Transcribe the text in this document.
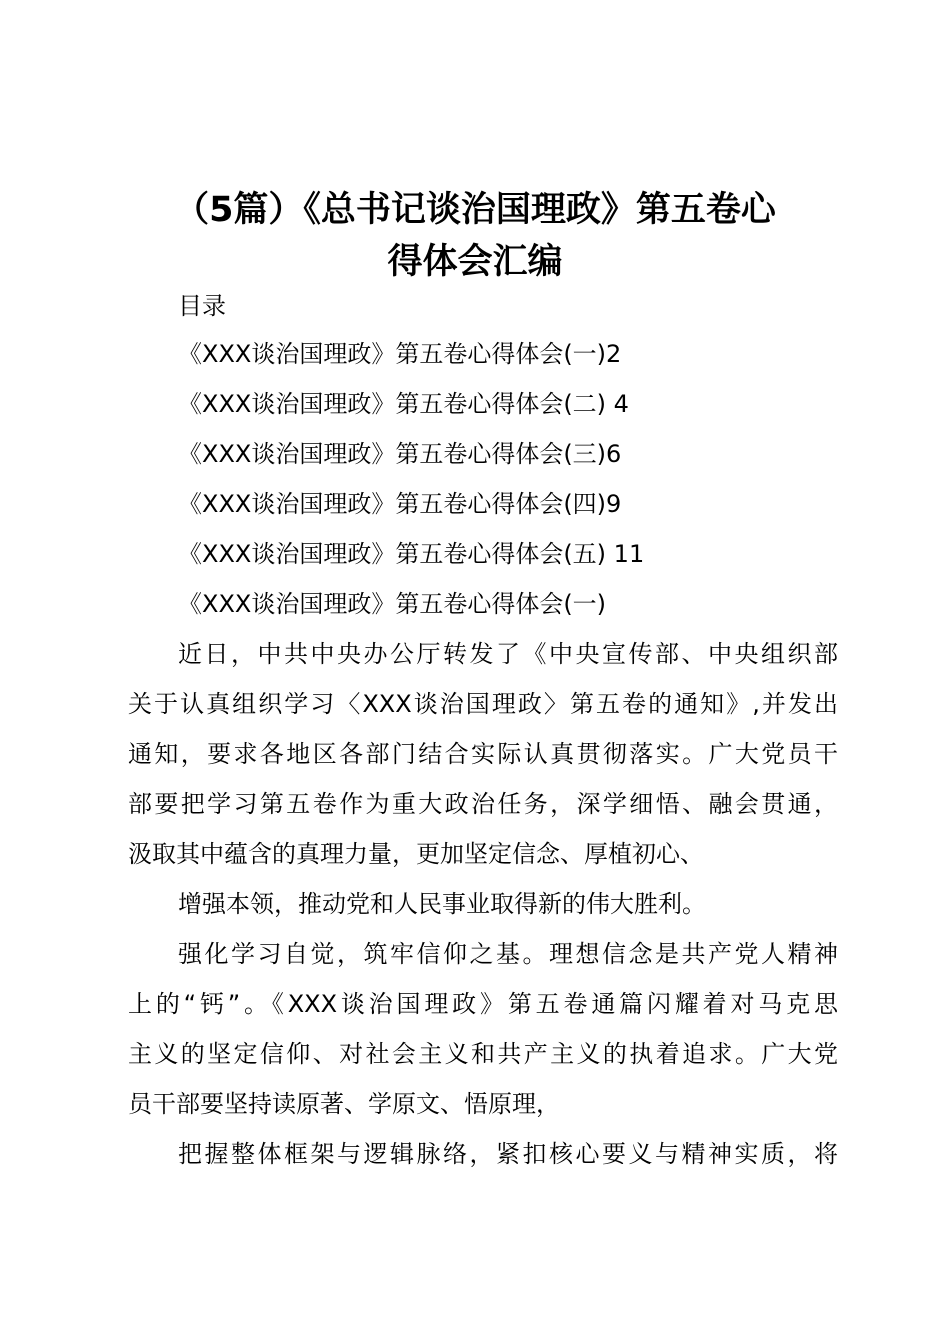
（5篇）《总书记谈治国理政》第五卷心
得体会汇编
目录
《XXX谈治国理政》第五卷心得体会(一)2
《XXX谈治国理政》第五卷心得体会(二) 4
《XXX谈治国理政》第五卷心得体会(三)6
《XXX谈治国理政》第五卷心得体会(四)9
《XXX谈治国理政》第五卷心得体会(五) 11
《XXX谈治国理政》第五卷心得体会(一)

近日，中共中央办公厅转发了《中央宣传部、中央组织部
关于认真组织学习〈XXX谈治国理政〉第五卷的通知》,并发出
通知，要求各地区各部门结合实际认真贯彻落实。广大党员干
部要把学习第五卷作为重大政治任务，深学细悟、融会贯通，
汲取其中蕴含的真理力量，更加坚定信念、厚植初心、

增强本领，推动党和人民事业取得新的伟大胜利。

强化学习自觉，筑牢信仰之基。理想信念是共产党人精神
上的“钙”。《XXX谈治国理政》第五卷通篇闪耀着对马克思
主义的坚定信仰、对社会主义和共产主义的执着追求。广大党
员干部要坚持读原著、学原文、悟原理，

把握整体框架与逻辑脉络，紧扣核心要义与精神实质，将
